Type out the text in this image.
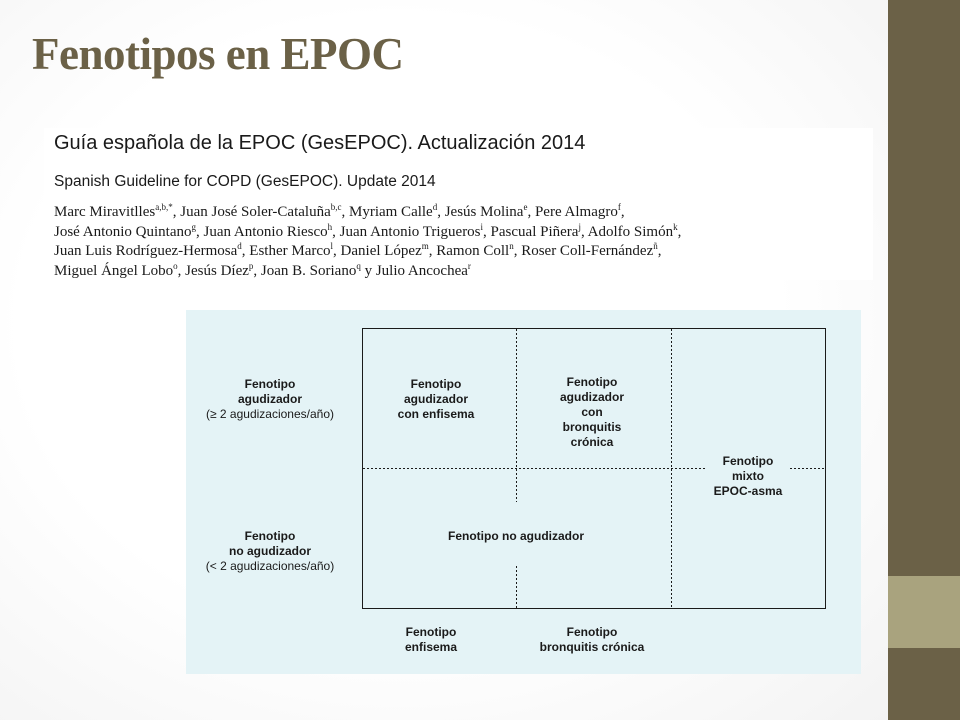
Fenotipos en EPOC
Guía española de la EPOC (GesEPOC). Actualización 2014
Spanish Guideline for COPD (GesEPOC). Update 2014
Marc Miravitlles$^{a,b,*}$, Juan José Soler-Cataluña$^{b,c}$, Myriam Calle$^d$, Jesús Molina$^e$, Pere Almagro$^f$,
José Antonio Quintano$^g$, Juan Antonio Riesco$^h$, Juan Antonio Trigueros$^i$, Pascual Piñera$^j$, Adolfo Simón$^k$,
Juan Luis Rodríguez-Hermosa$^d$, Esther Marco$^l$, Daniel López$^m$, Ramon Coll$^n$, Roser Coll-Fernández$^ñ$,
Miguel Ángel Lobo$^o$, Jesús Díez$^p$, Joan B. Soriano$^q$ y Julio Ancochea$^r$
Fenotipo
agudizador
(≥ 2 agudizaciones/año)
Fenotipo
no agudizador
(< 2 agudizaciones/año)
Fenotipo
agudizador
con enfisema
Fenotipo
agudizador
con
bronquitis
crónica
Fenotipo
mixto
EPOC-asma
Fenotipo no agudizador
Fenotipo
enfisema
Fenotipo
bronquitis crónica
